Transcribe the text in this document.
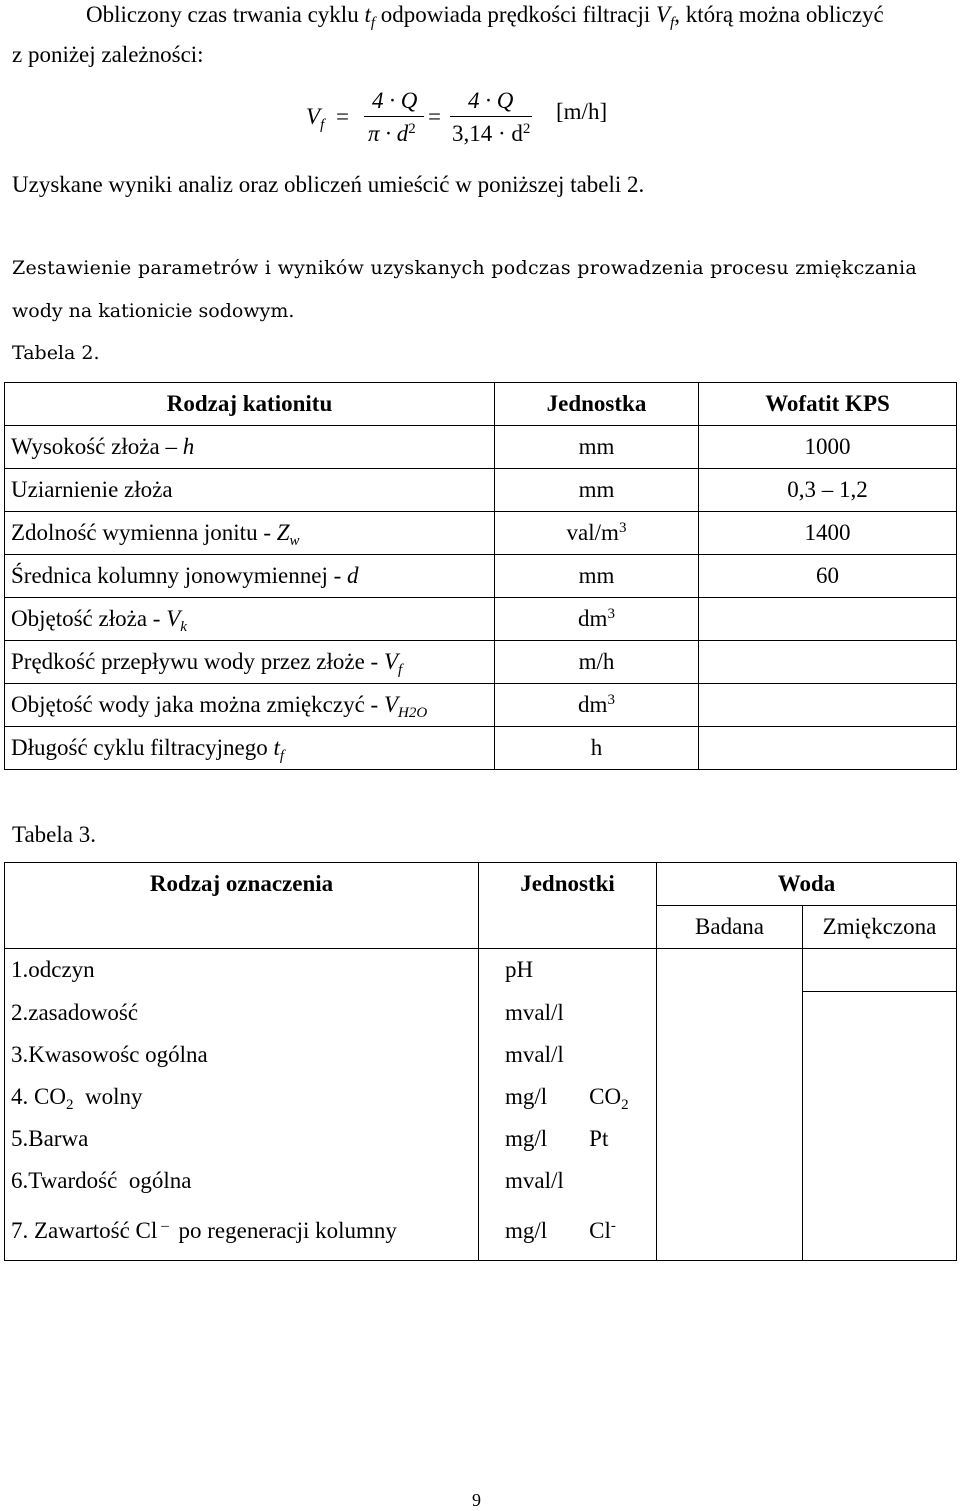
Obliczony czas trwania cyklu $t_f$ odpowiada prędkości filtracji $V_f$, którą można obliczyć
z poniżej zależności:
$V_f$ =
4 · Q
$\pi \cdot d^2$ =
4 · Q
$3,14 \cdot d^2$
[m/h]
Uzyskane wyniki analiz oraz obliczeń umieścić w poniższej tabeli 2.
Zestawienie parametrów i wyników uzyskanych podczas prowadzenia procesu zmiękczania
wody na kationicie sodowym.
Tabela 2.
Rodzaj kationitu	Jednostka	Wofatit KPS
Wysokość złoża – h	mm	1000
Uziarnienie złoża	mm	0,3 – 1,2
Zdolność wymienna jonitu - $Z_w$	val/$m^3$	1400
Średnica kolumny jonowymiennej - d	mm	60
Objętość złoża - $V_k$	$dm^3$	
Prędkość przepływu wody przez złoże - $V_f$	m/h	
Objętość wody jaka można zmiękczyć - $V_{H2O}$	$dm^3$	
Długość cyklu filtracyjnego $t_f$	h	
Tabela 3.
Rodzaj oznaczenia	Jednostki	Woda	
		Badana	Zmiękczona
1.odczyn	pH		
2.zasadowość	mval/l		
3.Kwasowośc ogólna	mval/l		
4. $CO_2$  wolny	mg/l $CO_2$		
5.Barwa	mg/l Pt		
6.Twardość  ogólna	mval/l		
7. Zawartość Cl – po regeneracji kolumny	mg/l Cl-		
9
